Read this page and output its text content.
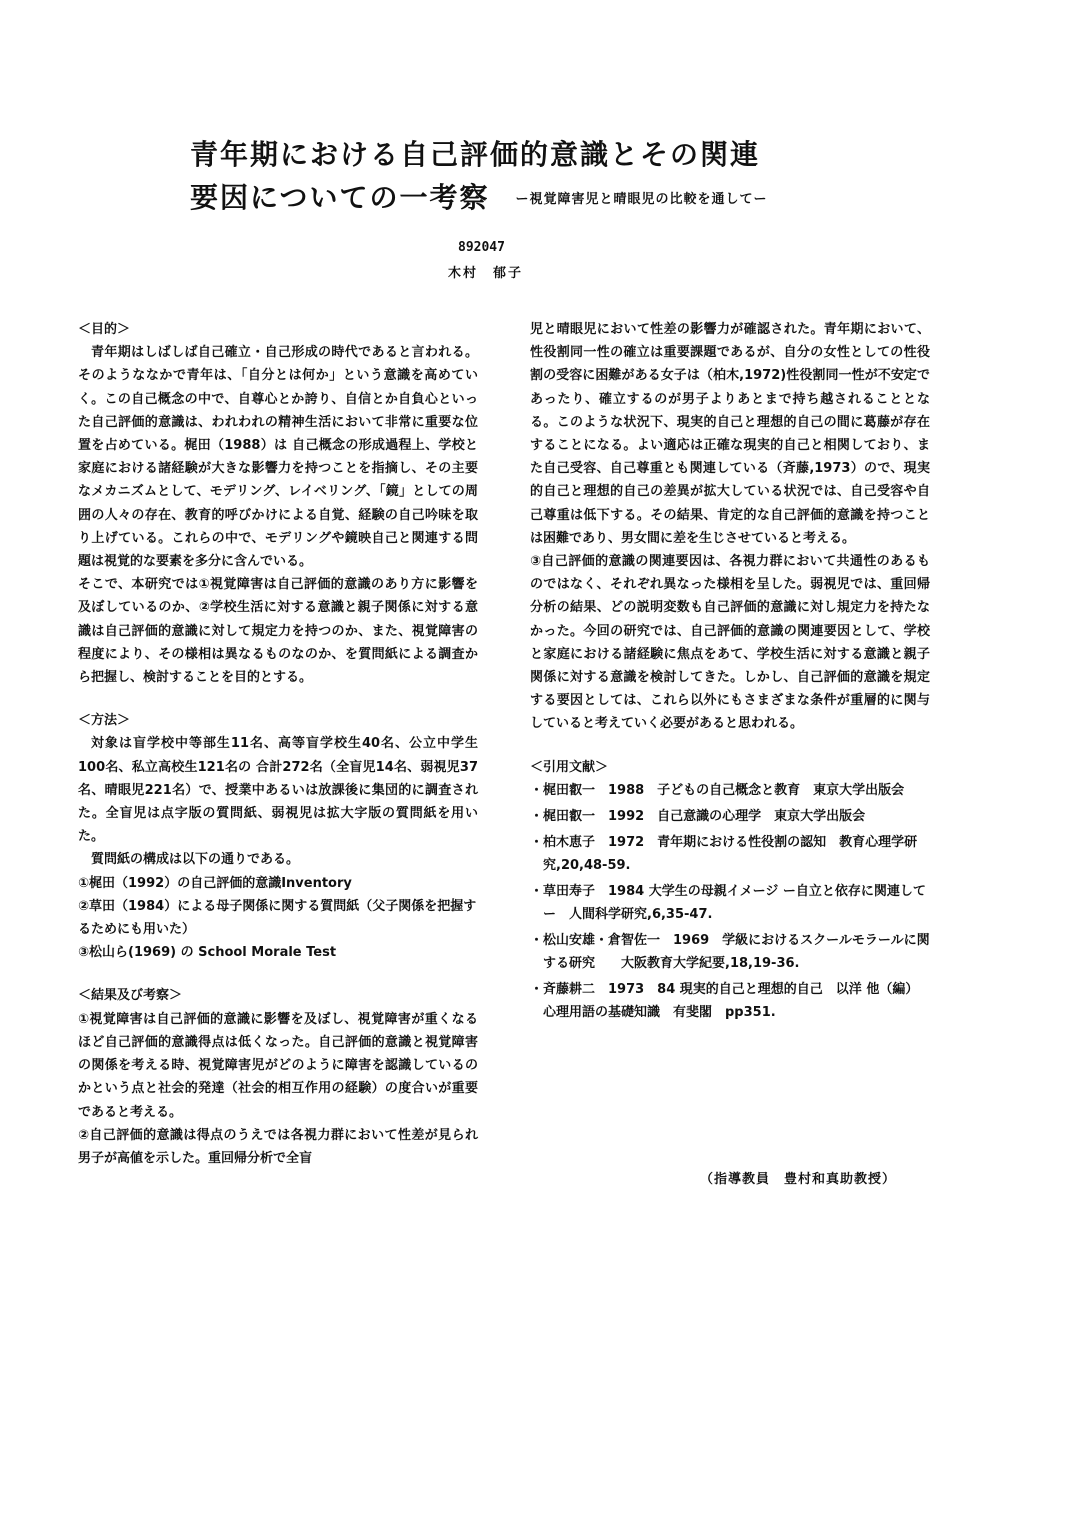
青年期における自己評価的意識とその関連
要因についての一考察 ー視覚障害児と晴眼児の比較を通してー
892047
木村　郁子

＜目的＞

青年期はしばしば自己確立・自己形成の時代であると言われる。そのようななかで青年は、「自分とは何か」という意識を高めていく。この自己概念の中で、自尊心とか誇り、自信とか自負心といった自己評価的意識は、われわれの精神生活において非常に重要な位置を占めている。梶田（1988）は 自己概念の形成過程上、学校と家庭における諸経験が大きな影響力を持つことを指摘し、その主要なメカニズムとして、モデリング、レイベリング、「鏡」としての周囲の人々の存在、教育的呼びかけによる自覚、経験の自己吟味を取り上げている。これらの中で、モデリングや鏡映自己と関連する問題は視覚的な要素を多分に含んでいる。

そこで、本研究では①視覚障害は自己評価的意識のあり方に影響を及ぼしているのか、②学校生活に対する意識と親子関係に対する意識は自己評価的意識に対して規定力を持つのか、また、視覚障害の程度により、その様相は異なるものなのか、を質問紙による調査から把握し、検討することを目的とする。

＜方法＞

対象は盲学校中等部生11名、高等盲学校生40名、公立中学生100名、私立高校生121名の 合計272名（全盲児14名、弱視児37名、晴眼児221名）で、授業中あるいは放課後に集団的に調査された。全盲児は点字版の質問紙、弱視児は拡大字版の質問紙を用いた。

質問紙の構成は以下の通りである。

①梶田（1992）の自己評価的意識Inventory

②草田（1984）による母子関係に関する質問紙（父子関係を把握するためにも用いた）

③松山ら(1969) の School Morale Test

＜結果及び考察＞

①視覚障害は自己評価的意識に影響を及ぼし、視覚障害が重くなるほど自己評価的意識得点は低くなった。自己評価的意識と視覚障害の関係を考える時、視覚障害児がどのように障害を認識しているのかという点と社会的発達（社会的相互作用の経験）の度合いが重要であると考える。

②自己評価的意識は得点のうえでは各視力群において性差が見られ男子が高値を示した。重回帰分析で全盲

児と晴眼児において性差の影響力が確認された。青年期において、性役割同一性の確立は重要課題であるが、自分の女性としての性役割の受容に困難がある女子は（柏木,1972)性役割同一性が不安定であったり、確立するのが男子よりあとまで持ち越されることとなる。このような状況下、現実的自己と理想的自己の間に葛藤が存在することになる。よい適応は正確な現実的自己と相関しており、また自己受容、自己尊重とも関連している（斉藤,1973）ので、現実的自己と理想的自己の差異が拡大している状況では、自己受容や自己尊重は低下する。その結果、肯定的な自己評価的意識を持つことは困難であり、男女間に差を生じさせていると考える。

③自己評価的意識の関連要因は、各視力群において共通性のあるものではなく、それぞれ異なった様相を呈した。弱視児では、重回帰分析の結果、どの説明変数も自己評価的意識に対し規定力を持たなかった。今回の研究では、自己評価的意識の関連要因として、学校と家庭における諸経験に焦点をあて、学校生活に対する意識と親子関係に対する意識を検討してきた。しかし、自己評価的意識を規定する要因としては、これら以外にもさまざまな条件が重層的に関与していると考えていく必要があると思われる。

＜引用文献＞

・梶田叡一　1988　子どもの自己概念と教育　東京大学出版会
・梶田叡一　1992　自己意識の心理学　東京大学出版会
・柏木恵子　1972　青年期における性役割の認知　教育心理学研究,20,48-59.
・草田寿子　1984 大学生の母親イメージ ー自立と依存に関連してー　人間科学研究,6,35-47.
・松山安雄・倉智佐一　1969　学級におけるスクールモラールに関する研究　　大阪教育大学紀要,18,19-36.
・斉藤耕二　1973　84 現実的自己と理想的自己　以洋 他（編）心理用語の基礎知識　有斐閣　pp351.
（指導教員　豊村和真助教授）
